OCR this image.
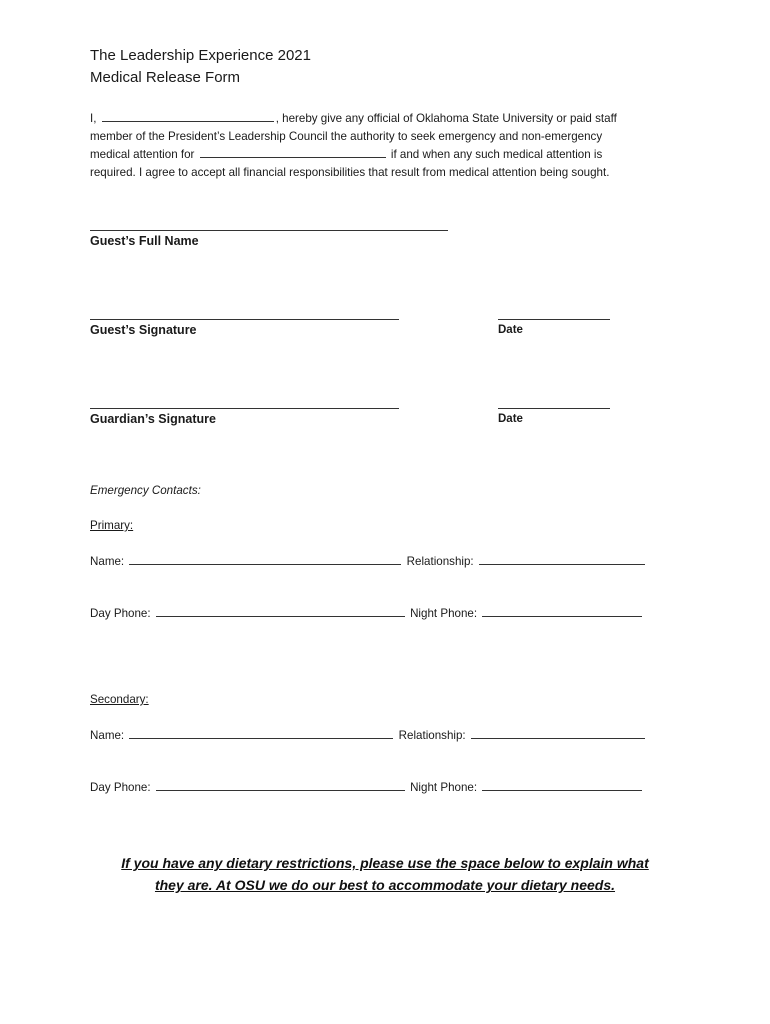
The Leadership Experience 2021
Medical Release Form
I,	, hereby give any official of Oklahoma State University or paid staff
member of the President’s Leadership Council the authority to seek emergency and non-emergency
medical attention for	if and when any such medical attention is
required. I agree to accept all financial responsibilities that result from medical attention being sought.
Guest’s Full Name
Guest’s Signature	Date
Guardian’s Signature	Date
Emergency Contacts:
Primary:
Name:	Relationship:
Day Phone:	Night Phone:
Secondary:
Name:	Relationship:
Day Phone:	Night Phone:
If you have any dietary restrictions, please use the space below to explain what
they are. At OSU we do our best to accommodate your dietary needs.
